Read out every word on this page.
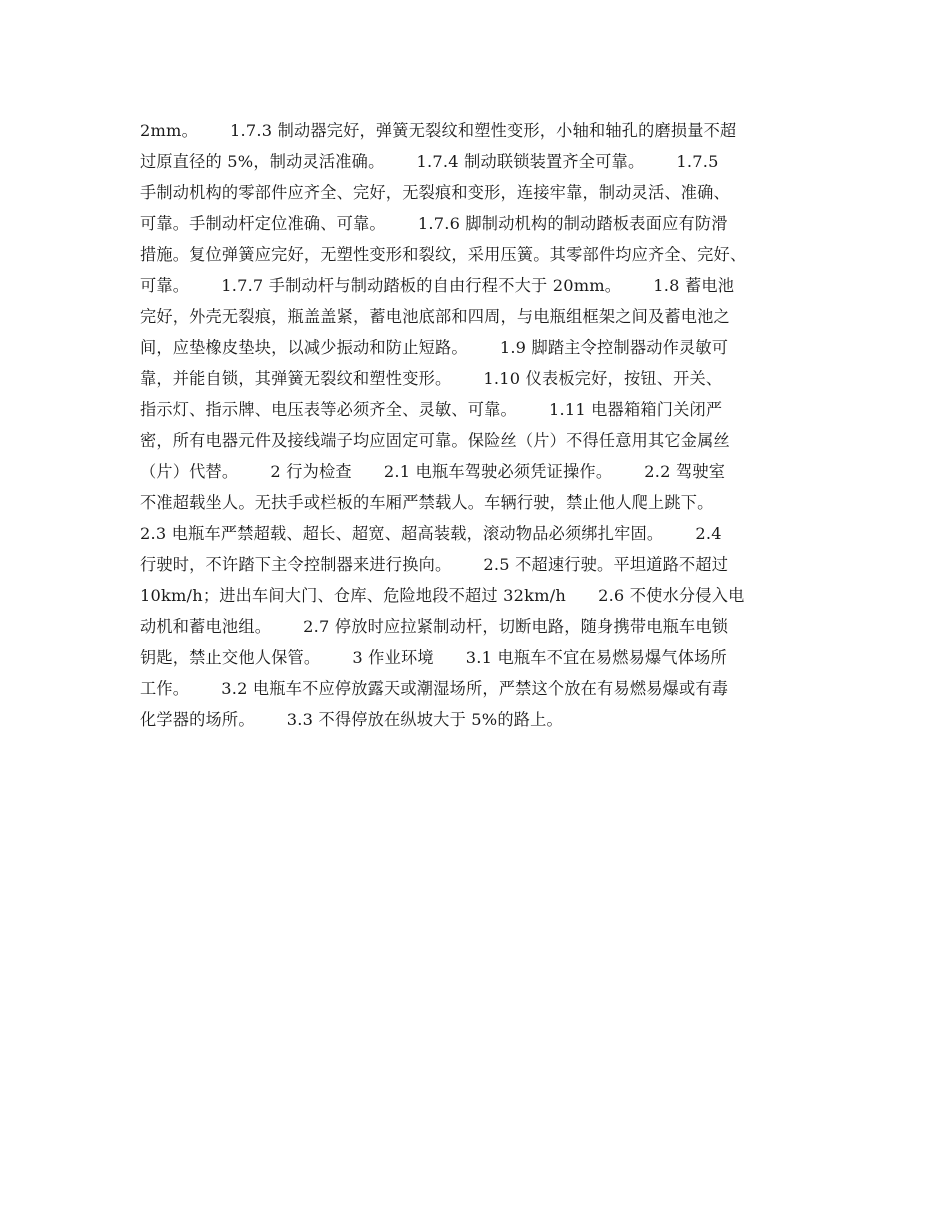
2mm。      1.7.3 制动器完好，弹簧无裂纹和塑性变形，小轴和轴孔的磨损量不超
过原直径的 5%，制动灵活准确。      1.7.4 制动联锁装置齐全可靠。      1.7.5
手制动机构的零部件应齐全、完好，无裂痕和变形，连接牢靠，制动灵活、准确、
可靠。手制动杆定位准确、可靠。      1.7.6 脚制动机构的制动踏板表面应有防滑
措施。复位弹簧应完好，无塑性变形和裂纹，采用压簧。其零部件均应齐全、完好、
可靠。      1.7.7 手制动杆与制动踏板的自由行程不大于 20mm。      1.8 蓄电池
完好，外壳无裂痕，瓶盖盖紧，蓄电池底部和四周，与电瓶组框架之间及蓄电池之
间，应垫橡皮垫块，以减少振动和防止短路。      1.9 脚踏主令控制器动作灵敏可
靠，并能自锁，其弹簧无裂纹和塑性变形。      1.10 仪表板完好，按钮、开关、
指示灯、指示牌、电压表等必须齐全、灵敏、可靠。      1.11 电器箱箱门关闭严
密，所有电器元件及接线端子均应固定可靠。保险丝（片）不得任意用其它金属丝
（片）代替。      2 行为检查      2.1 电瓶车驾驶必须凭证操作。      2.2 驾驶室
不准超载坐人。无扶手或栏板的车厢严禁载人。车辆行驶，禁止他人爬上跳下。
2.3 电瓶车严禁超载、超长、超宽、超高装载，滚动物品必须绑扎牢固。      2.4
行驶时，不许踏下主令控制器来进行换向。      2.5 不超速行驶。平坦道路不超过
10km/h；进出车间大门、仓库、危险地段不超过 32km/h      2.6 不使水分侵入电
动机和蓄电池组。      2.7 停放时应拉紧制动杆，切断电路，随身携带电瓶车电锁
钥匙，禁止交他人保管。      3 作业环境      3.1 电瓶车不宜在易燃易爆气体场所
工作。      3.2 电瓶车不应停放露天或潮湿场所，严禁这个放在有易燃易爆或有毒
化学器的场所。      3.3 不得停放在纵坡大于 5%的路上。
